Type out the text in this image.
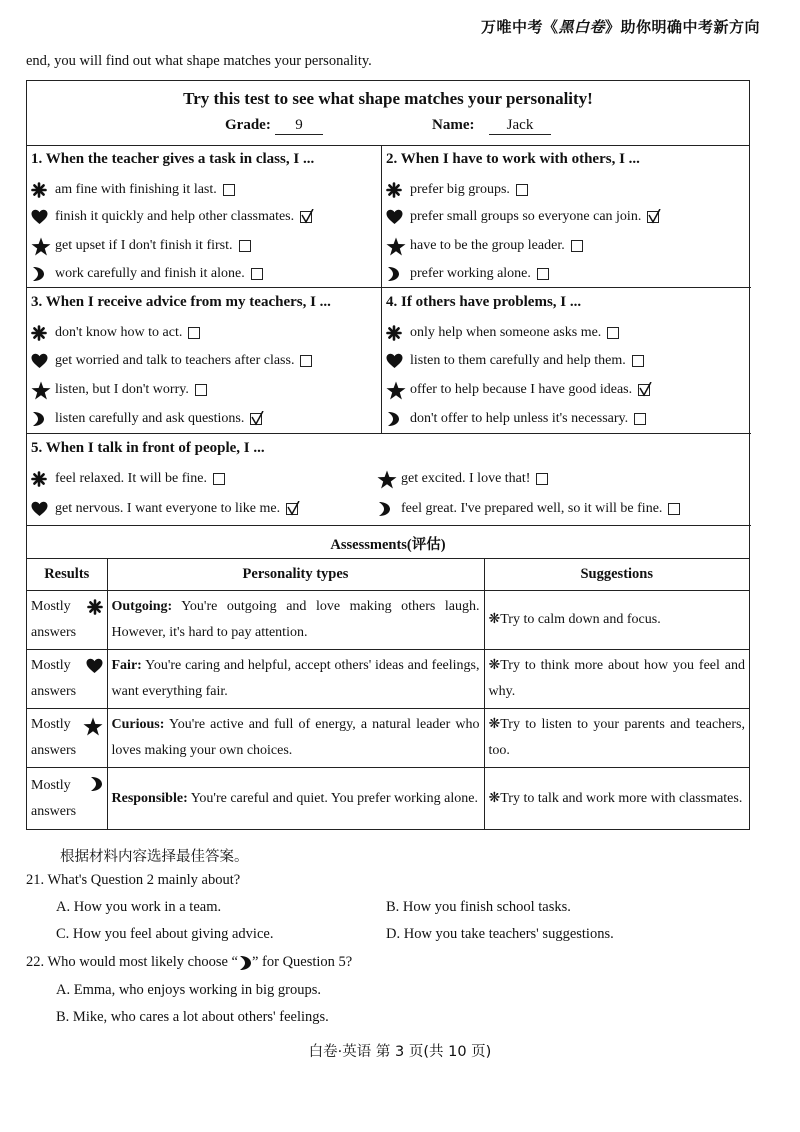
万唯中考《黑白卷》助你明确中考新方向
end, you will find out what shape matches your personality.
Try this test to see what shape matches your personality!
Grade:	9	Name:	Jack
1. When the teacher gives a task in class, I ...
am fine with finishing it last.
finish it quickly and help other classmates.
get upset if I don't finish it first.
work carefully and finish it alone.
2. When I have to work with others, I ...
prefer big groups.
prefer small groups so everyone can join.
have to be the group leader.
prefer working alone.
3. When I receive advice from my teachers, I ...
don't know how to act.
get worried and talk to teachers after class.
listen, but I don't worry.
listen carefully and ask questions.
4. If others have problems, I ...
only help when someone asks me.
listen to them carefully and help them.
offer to help because I have good ideas.
don't offer to help unless it's necessary.
5. When I talk in front of people, I ...
feel relaxed. It will be fine.	get excited. I love that!
get nervous. I want everyone to like me.	feel great. I've prepared well, so it will be fine.
Assessments(评估)
Results	Personality types	Suggestions

Mostly
answers	Outgoing: You're outgoing and love making others laugh. However, it's hard to pay attention.	❋Try to calm down and focus.

Mostly
answers	Fair: You're caring and helpful, accept others' ideas and feelings, want everything fair.	❋Try to think more about how you feel and why.

Mostly
answers	Curious: You're active and full of energy, a natural leader who loves making your own choices.	❋Try to listen to your parents and teachers, too.

Mostly
answers	Responsible: You're careful and quiet. You prefer working alone.	❋Try to talk and work more with classmates.
根据材料内容选择最佳答案。
21. What's Question 2 mainly about?
A. How you work in a team.	B. How you finish school tasks.
C. How you feel about giving advice.	D. How you take teachers' suggestions.
22. Who would most likely choose “ ” for Question 5?
A. Emma, who enjoys working in big groups.
B. Mike, who cares a lot about others' feelings.
白卷·英语 第 3 页(共 10 页)
